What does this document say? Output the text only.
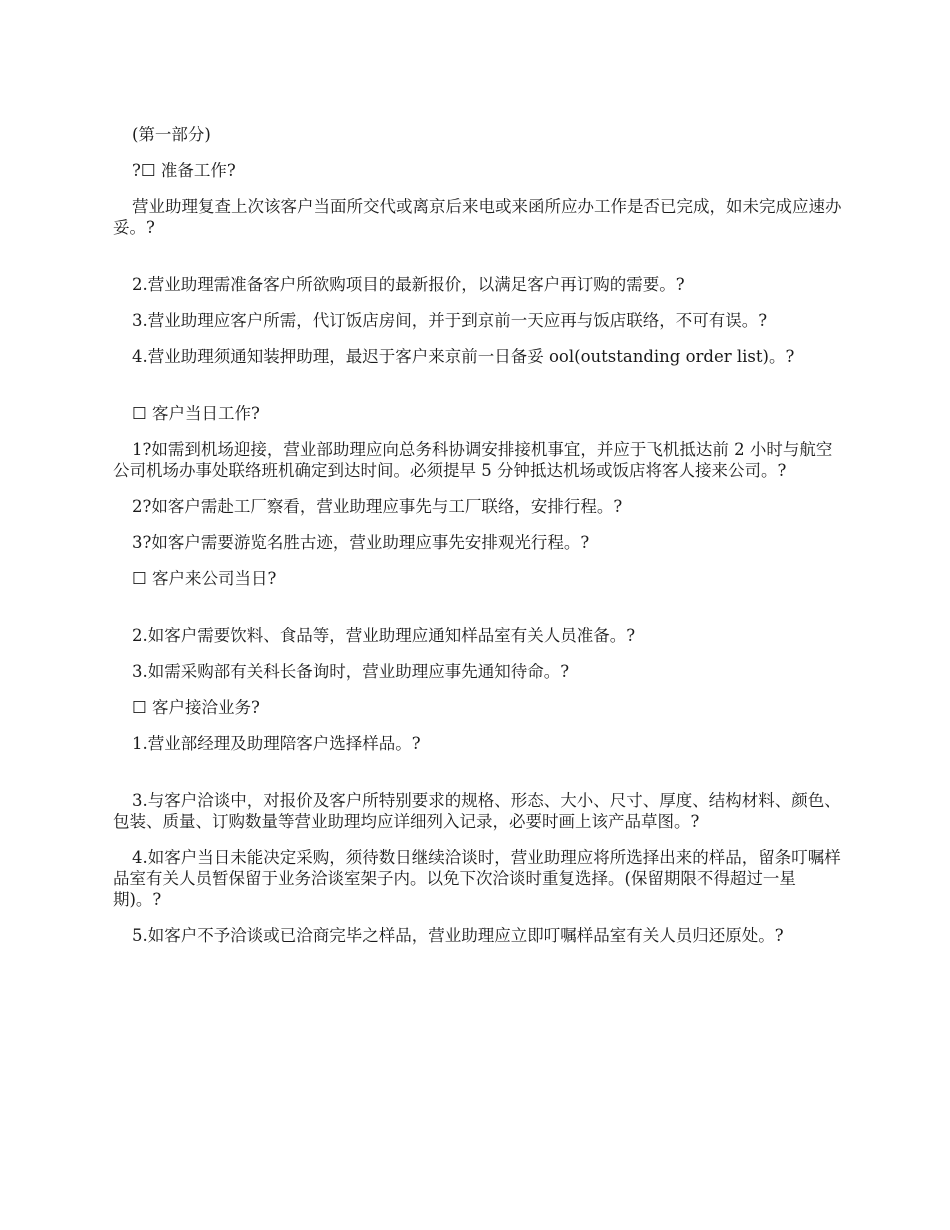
(第一部分)

?☐ 准备工作?

营业助理复查上次该客户当面所交代或离京后来电或来函所应办工作是否已完成，如未完成应速办妥。?

2.营业助理需准备客户所欲购项目的最新报价，以满足客户再订购的需要。?

3.营业助理应客户所需，代订饭店房间，并于到京前一天应再与饭店联络，不可有误。?

4.营业助理须通知装押助理，最迟于客户来京前一日备妥 ool(outstanding order list)。?

☐ 客户当日工作?

1?如需到机场迎接，营业部助理应向总务科协调安排接机事宜，并应于飞机抵达前 2 小时与航空公司机场办事处联络班机确定到达时间。必须提早 5 分钟抵达机场或饭店将客人接来公司。?

2?如客户需赴工厂察看，营业助理应事先与工厂联络，安排行程。?

3?如客户需要游览名胜古迹，营业助理应事先安排观光行程。?

☐ 客户来公司当日?

2.如客户需要饮料、食品等，营业助理应通知样品室有关人员准备。?

3.如需采购部有关科长备询时，营业助理应事先通知待命。?

☐ 客户接洽业务?

1.营业部经理及助理陪客户选择样品。?

3.与客户洽谈中，对报价及客户所特别要求的规格、形态、大小、尺寸、厚度、结构材料、颜色、包装、质量、订购数量等营业助理均应详细列入记录，必要时画上该产品草图。?

4.如客户当日未能决定采购，须待数日继续洽谈时，营业助理应将所选择出来的样品，留条叮嘱样品室有关人员暂保留于业务洽谈室架子内。以免下次洽谈时重复选择。(保留期限不得超过一星期)。?

5.如客户不予洽谈或已洽商完毕之样品，营业助理应立即叮嘱样品室有关人员归还原处。?
